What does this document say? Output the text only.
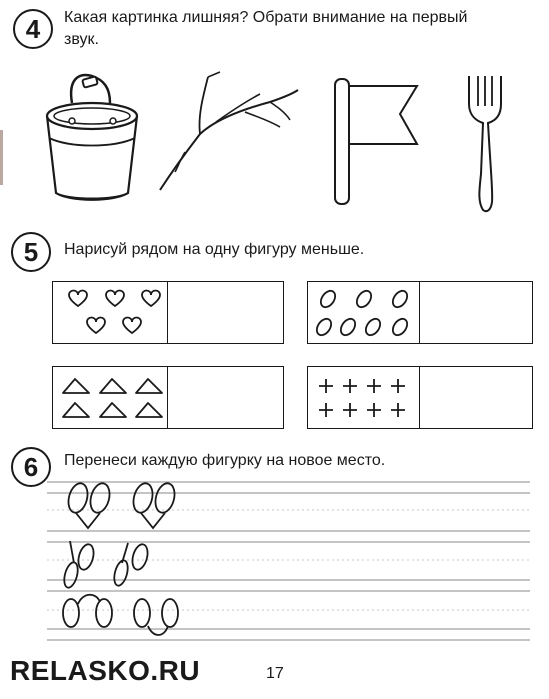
4	Какая картинка лишняя? Обрати внимание на первый
звук.
5	Нарисуй рядом на одну фигуру меньше.
6	Перенеси каждую фигурку на новое место.
RELASKO.RU	17
